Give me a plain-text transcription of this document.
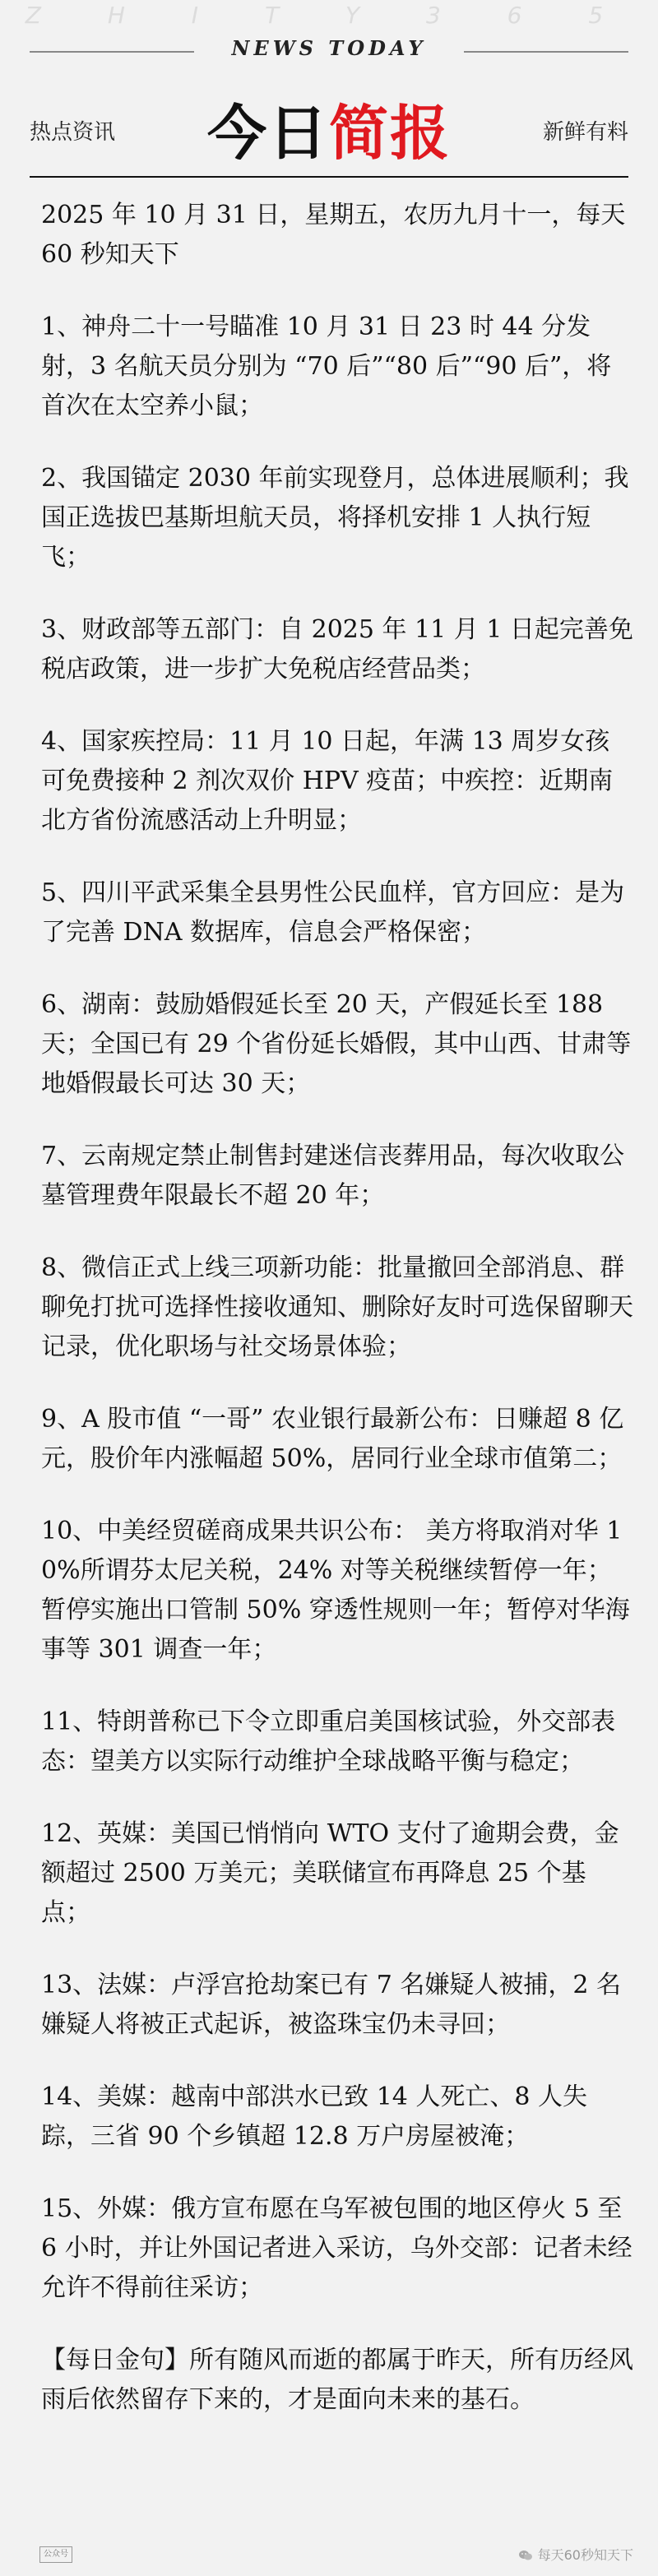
Z H I T Y 3 6 5
NEWS TODAY
热点资讯	今日简报	新鲜有料

2025 年 10 月 31 日，星期五，农历九月十一，每天 60 秒知天下

1、神舟二十一号瞄准 10 月 31 日 23 时 44 分发射，3 名航天员分别为 “70 后”“80 后”“90 后”，将首次在太空养小鼠；

2、我国锚定 2030 年前实现登月，总体进展顺利；我国正选拔巴基斯坦航天员，将择机安排 1 人执行短飞；

3、财政部等五部门：自 2025 年 11 月 1 日起完善免税店政策，进一步扩大免税店经营品类；

4、国家疾控局：11 月 10 日起，年满 13 周岁女孩可免费接种 2 剂次双价 HPV 疫苗；中疾控：近期南北方省份流感活动上升明显；

5、四川平武采集全县男性公民血样，官方回应：是为了完善 DNA 数据库，信息会严格保密；

6、湖南：鼓励婚假延长至 20 天，产假延长至 188 天；全国已有 29 个省份延长婚假，其中山西、甘肃等地婚假最长可达 30 天；

7、云南规定禁止制售封建迷信丧葬用品，每次收取公墓管理费年限最长不超 20 年；

8、微信正式上线三项新功能：批量撤回全部消息、群聊免打扰可选择性接收通知、删除好友时可选保留聊天记录，优化职场与社交场景体验；

9、A 股市值 “一哥” 农业银行最新公布：日赚超 8 亿元，股价年内涨幅超 50%，居同行业全球市值第二；

10、中美经贸磋商成果共识公布： 美方将取消对华 10%所谓芬太尼关税，24% 对等关税继续暂停一年；暂停实施出口管制 50% 穿透性规则一年；暂停对华海事等 301 调查一年；

11、特朗普称已下令立即重启美国核试验，外交部表态：望美方以实际行动维护全球战略平衡与稳定；

12、英媒：美国已悄悄向 WTO 支付了逾期会费，金额超过 2500 万美元；美联储宣布再降息 25 个基点；

13、法媒：卢浮宫抢劫案已有 7 名嫌疑人被捕，2 名嫌疑人将被正式起诉，被盗珠宝仍未寻回；

14、美媒：越南中部洪水已致 14 人死亡、8 人失踪，三省 90 个乡镇超 12.8 万户房屋被淹；

15、外媒：俄方宣布愿在乌军被包围的地区停火 5 至 6 小时，并让外国记者进入采访，乌外交部：记者未经允许不得前往采访；

【每日金句】所有随风而逝的都属于昨天，所有历经风雨后依然留存下来的，才是面向未来的基石。

公众号	每天60秒知天下
